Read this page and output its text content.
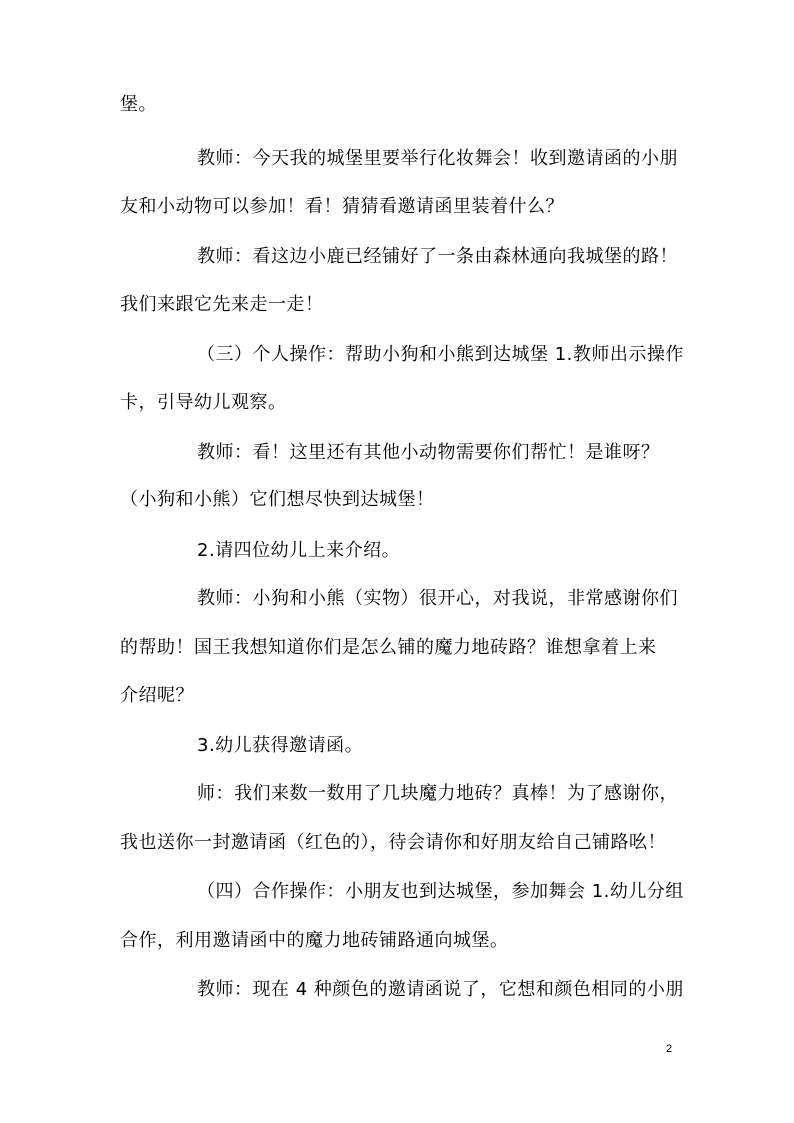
堡。
教师：今天我的城堡里要举行化妆舞会！收到邀请函的小朋
友和小动物可以参加！看！猜猜看邀请函里装着什么？
教师：看这边小鹿已经铺好了一条由森林通向我城堡的路！
我们来跟它先来走一走！
（三）个人操作：帮助小狗和小熊到达城堡 1.教师出示操作
卡，引导幼儿观察。
教师：看！这里还有其他小动物需要你们帮忙！是谁呀？
（小狗和小熊）它们想尽快到达城堡！
2.请四位幼儿上来介绍。
教师：小狗和小熊（实物）很开心，对我说，非常感谢你们
的帮助！国王我想知道你们是怎么铺的魔力地砖路？谁想拿着上来
介绍呢？
3.幼儿获得邀请函。
师：我们来数一数用了几块魔力地砖？真棒！为了感谢你，
我也送你一封邀请函（红色的），待会请你和好朋友给自己铺路吆！
（四）合作操作：小朋友也到达城堡，参加舞会 1.幼儿分组
合作，利用邀请函中的魔力地砖铺路通向城堡。
教师：现在 4 种颜色的邀请函说了，它想和颜色相同的小朋
2
